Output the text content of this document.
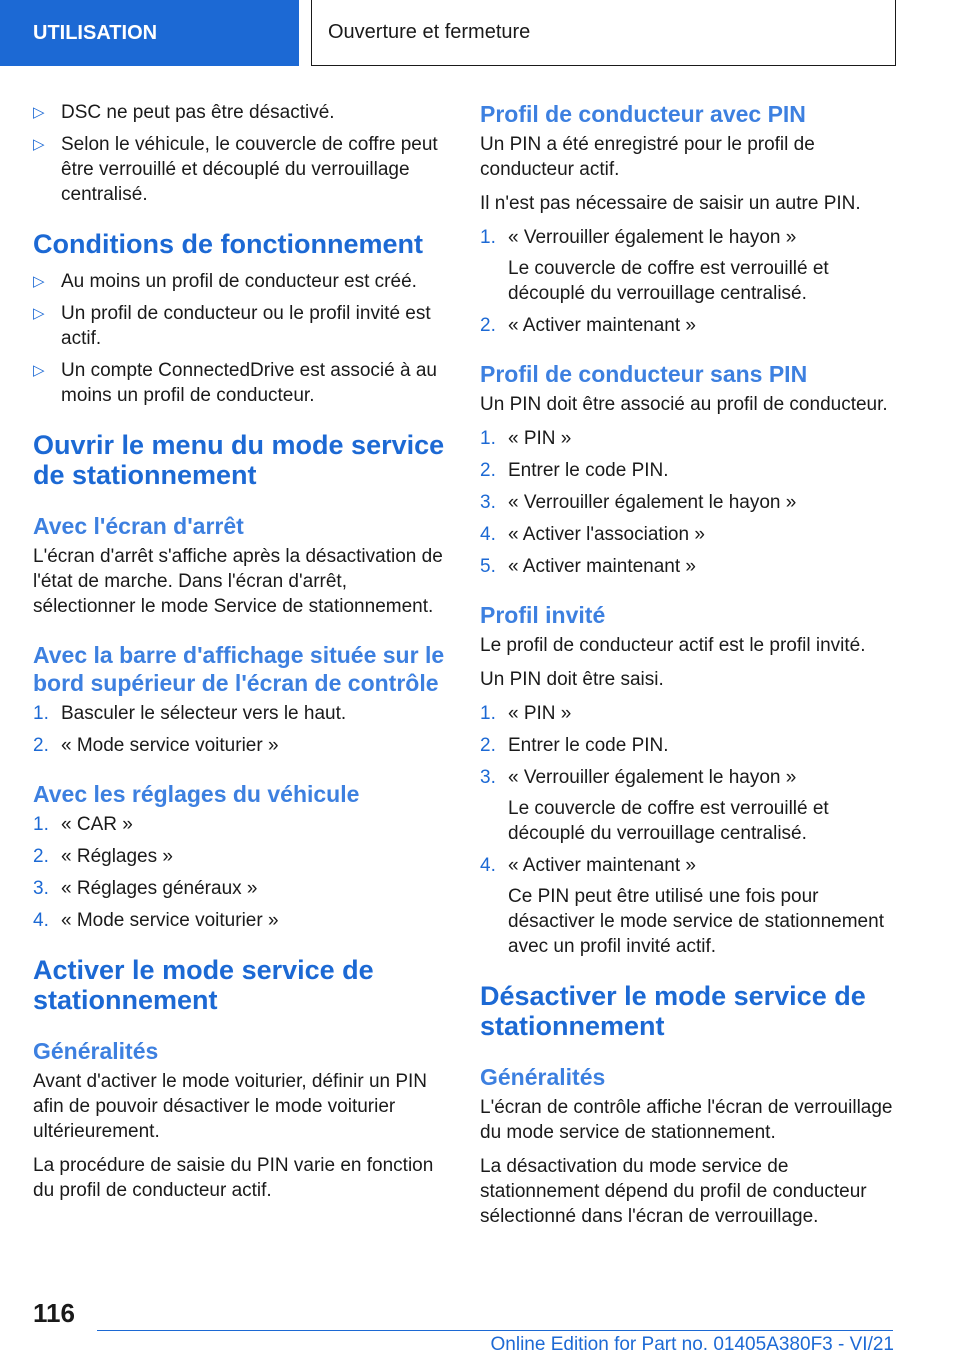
UTILISATION	Ouverture et fermeture
▷ DSC ne peut pas être désactivé.
▷ Selon le véhicule, le couvercle de coffre peut être verrouillé et découplé du verrouillage centralisé.
Conditions de fonctionnement
▷ Au moins un profil de conducteur est créé.
▷ Un profil de conducteur ou le profil invité est actif.
▷ Un compte ConnectedDrive est associé à au moins un profil de conducteur.
Ouvrir le menu du mode service de stationnement
Avec l'écran d'arrêt

L'écran d'arrêt s'affiche après la désactivation de l'état de marche. Dans l'écran d'arrêt, sélectionner le mode Service de stationnement.

Avec la barre d'affichage située sur le bord supérieur de l'écran de contrôle
1. Basculer le sélecteur vers le haut.
2. « Mode service voiturier »
Avec les réglages du véhicule
1. « CAR »
2. « Réglages »
3. « Réglages généraux »
4. « Mode service voiturier »
Activer le mode service de stationnement
Généralités

Avant d'activer le mode voiturier, définir un PIN afin de pouvoir désactiver le mode voiturier ultérieurement.

La procédure de saisie du PIN varie en fonction du profil de conducteur actif.

Profil de conducteur avec PIN

Un PIN a été enregistré pour le profil de conducteur actif.

Il n'est pas nécessaire de saisir un autre PIN.

1. « Verrouiller également le hayon »
Le couvercle de coffre est verrouillé et découplé du verrouillage centralisé.
2. « Activer maintenant »
Profil de conducteur sans PIN

Un PIN doit être associé au profil de conducteur.

1. « PIN »
2. Entrer le code PIN.
3. « Verrouiller également le hayon »
4. « Activer l'association »
5. « Activer maintenant »
Profil invité

Le profil de conducteur actif est le profil invité.

Un PIN doit être saisi.

1. « PIN »
2. Entrer le code PIN.
3. « Verrouiller également le hayon »
Le couvercle de coffre est verrouillé et découplé du verrouillage centralisé.
4. « Activer maintenant »
Ce PIN peut être utilisé une fois pour désactiver le mode service de stationnement avec un profil invité actif.
Désactiver le mode service de stationnement
Généralités

L'écran de contrôle affiche l'écran de verrouillage du mode service de stationnement.

La désactivation du mode service de stationnement dépend du profil de conducteur sélectionné dans l'écran de verrouillage.

116
Online Edition for Part no. 01405A380F3 - VI/21
